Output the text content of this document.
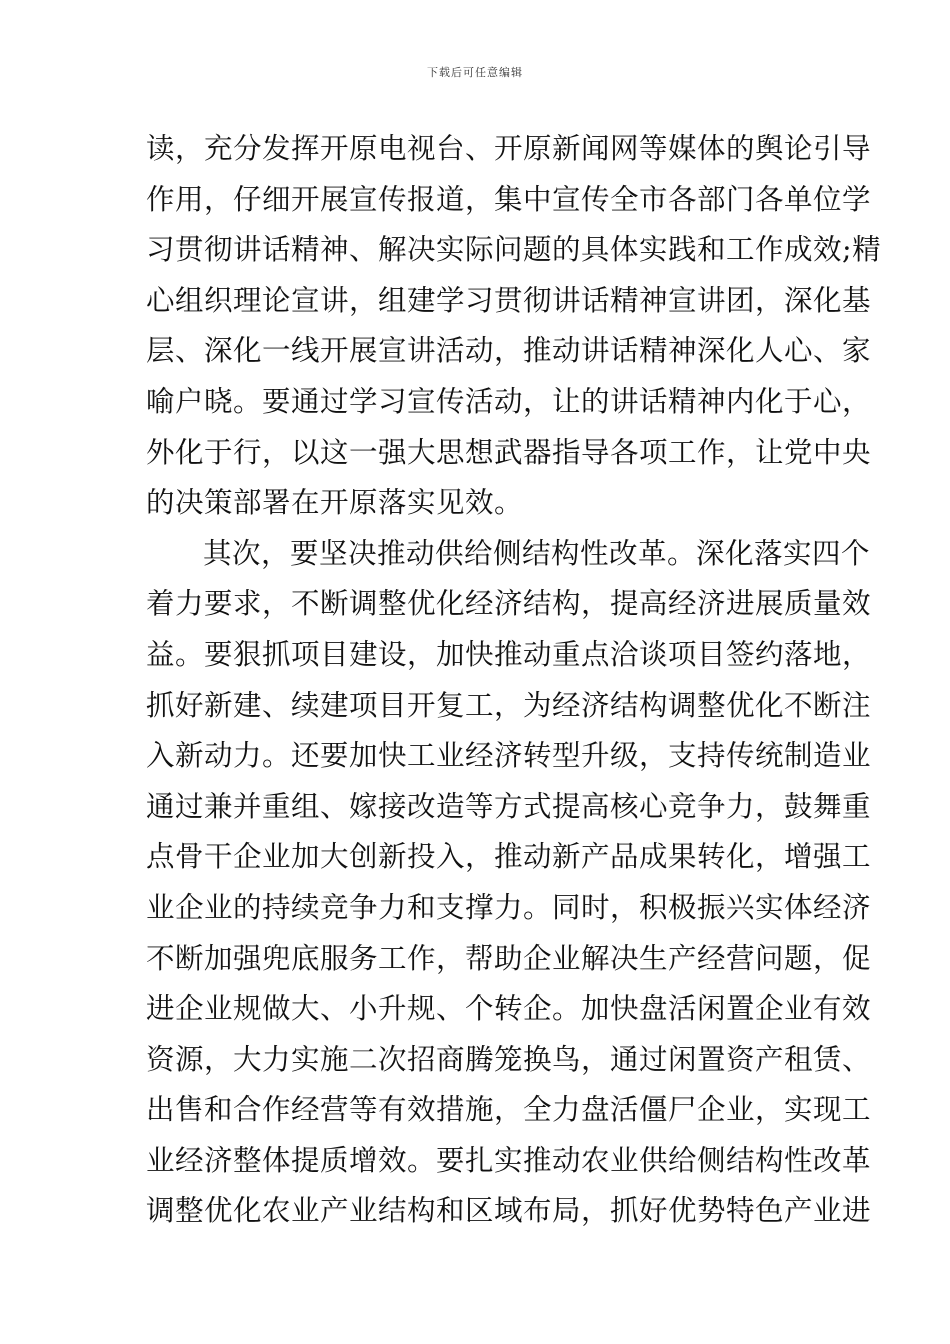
下载后可任意编辑
读，充分发挥开原电视台、开原新闻网等媒体的舆论引导
作用，仔细开展宣传报道，集中宣传全市各部门各单位学
习贯彻讲话精神、解决实际问题的具体实践和工作成效;精
心组织理论宣讲，组建学习贯彻讲话精神宣讲团，深化基
层、深化一线开展宣讲活动，推动讲话精神深化人心、家
喻户晓。要通过学习宣传活动，让的讲话精神内化于心，
外化于行，以这一强大思想武器指导各项工作，让党中央
的决策部署在开原落实见效。
其次，要坚决推动供给侧结构性改革。深化落实四个
着力要求，不断调整优化经济结构，提高经济进展质量效
益。要狠抓项目建设，加快推动重点洽谈项目签约落地，
抓好新建、续建项目开复工，为经济结构调整优化不断注
入新动力。还要加快工业经济转型升级，支持传统制造业
通过兼并重组、嫁接改造等方式提高核心竞争力，鼓舞重
点骨干企业加大创新投入，推动新产品成果转化，增强工
业企业的持续竞争力和支撑力。同时，积极振兴实体经济
不断加强兜底服务工作，帮助企业解决生产经营问题，促
进企业规做大、小升规、个转企。加快盘活闲置企业有效
资源，大力实施二次招商腾笼换鸟，通过闲置资产租赁、
出售和合作经营等有效措施，全力盘活僵尸企业，实现工
业经济整体提质增效。要扎实推动农业供给侧结构性改革
调整优化农业产业结构和区域布局，抓好优势特色产业进
